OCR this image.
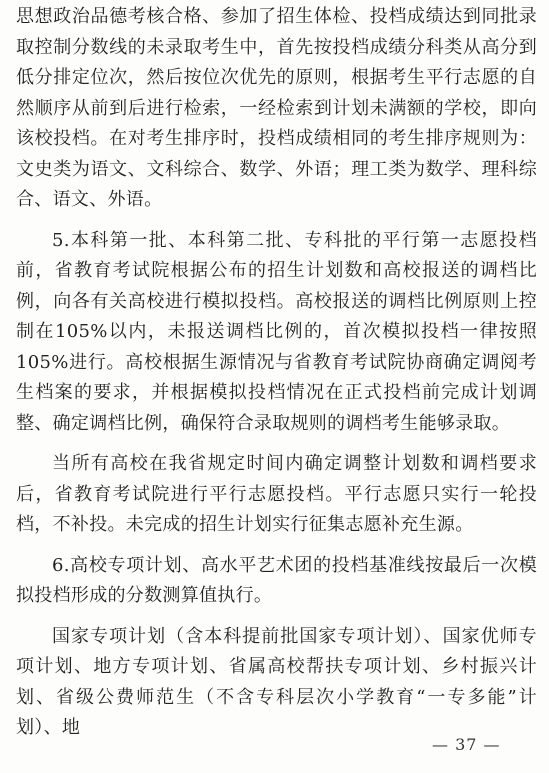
思想政治品德考核合格、参加了招生体检、投档成绩达到同批录取控制分数线的未录取考生中，首先按投档成绩分科类从高分到低分排定位次，然后按位次优先的原则，根据考生平行志愿的自然顺序从前到后进行检索，一经检索到计划未满额的学校，即向该校投档。在对考生排序时，投档成绩相同的考生排序规则为：文史类为语文、文科综合、数学、外语；理工类为数学、理科综合、语文、外语。

5.本科第一批、本科第二批、专科批的平行第一志愿投档前，省教育考试院根据公布的招生计划数和高校报送的调档比例，向各有关高校进行模拟投档。高校报送的调档比例原则上控制在105%以内，未报送调档比例的，首次模拟投档一律按照105%进行。高校根据生源情况与省教育考试院协商确定调阅考生档案的要求，并根据模拟投档情况在正式投档前完成计划调整、确定调档比例，确保符合录取规则的调档考生能够录取。

当所有高校在我省规定时间内确定调整计划数和调档要求后，省教育考试院进行平行志愿投档。平行志愿只实行一轮投档，不补投。未完成的招生计划实行征集志愿补充生源。

6.高校专项计划、高水平艺术团的投档基准线按最后一次模拟投档形成的分数测算值执行。

国家专项计划（含本科提前批国家专项计划）、国家优师专项计划、地方专项计划、省属高校帮扶专项计划、乡村振兴计划、省级公费师范生（不含专科层次小学教育“一专多能”计划）、地

— 37 —
